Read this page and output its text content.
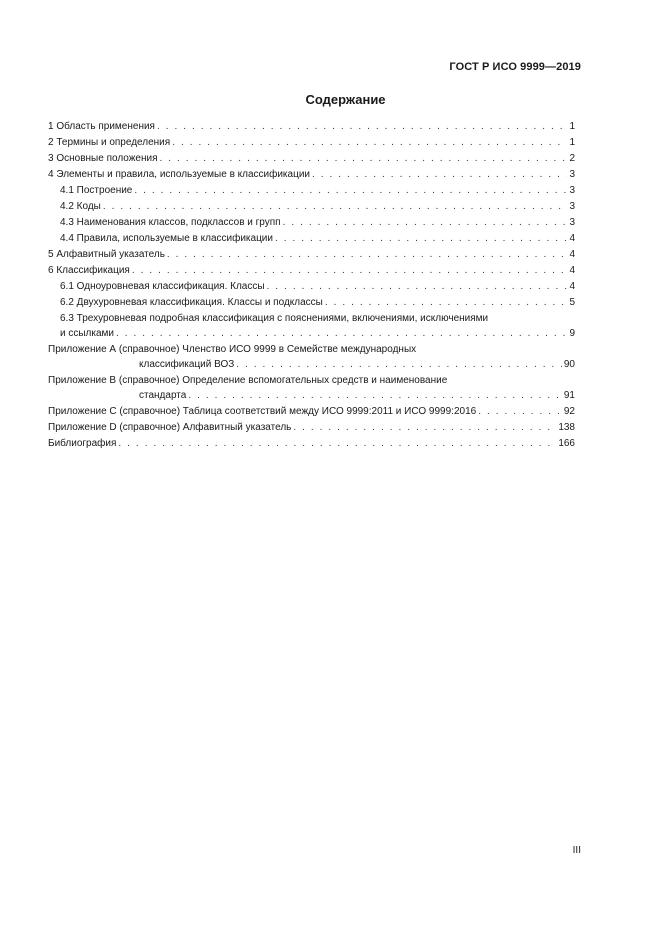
ГОСТ Р ИСО 9999—2019
Содержание
1 Область применения . . .	1
2 Термины и определения . . .	1
3 Основные положения . . .	2
4 Элементы и правила, используемые в классификации . . .	3
4.1 Построение . . .	3
4.2 Коды . . .	3
4.3 Наименования классов, подклассов и групп . . .	3
4.4 Правила, используемые в классификации . . .	4
5 Алфавитный указатель . . .	4
6 Классификация . . .	4
6.1 Одноуровневая классификация. Классы . . .	4
6.2 Двухуровневая классификация. Классы и подклассы . . .	5
6.3 Трехуровневая подробная классификация с пояснениями, включениями, исключениями
и ссылками . . .	9
Приложение А (справочное) Членство ИСО 9999 в Семействе международных
классификаций ВОЗ . . .	90
Приложение В (справочное) Определение вспомогательных средств и наименование
стандарта . . .	91
Приложение С (справочное) Таблица соответствий между ИСО 9999:2011 и ИСО 9999:2016 . . .	92
Приложение D (справочное) Алфавитный указатель . . .	138
Библиография . . .	166
III
